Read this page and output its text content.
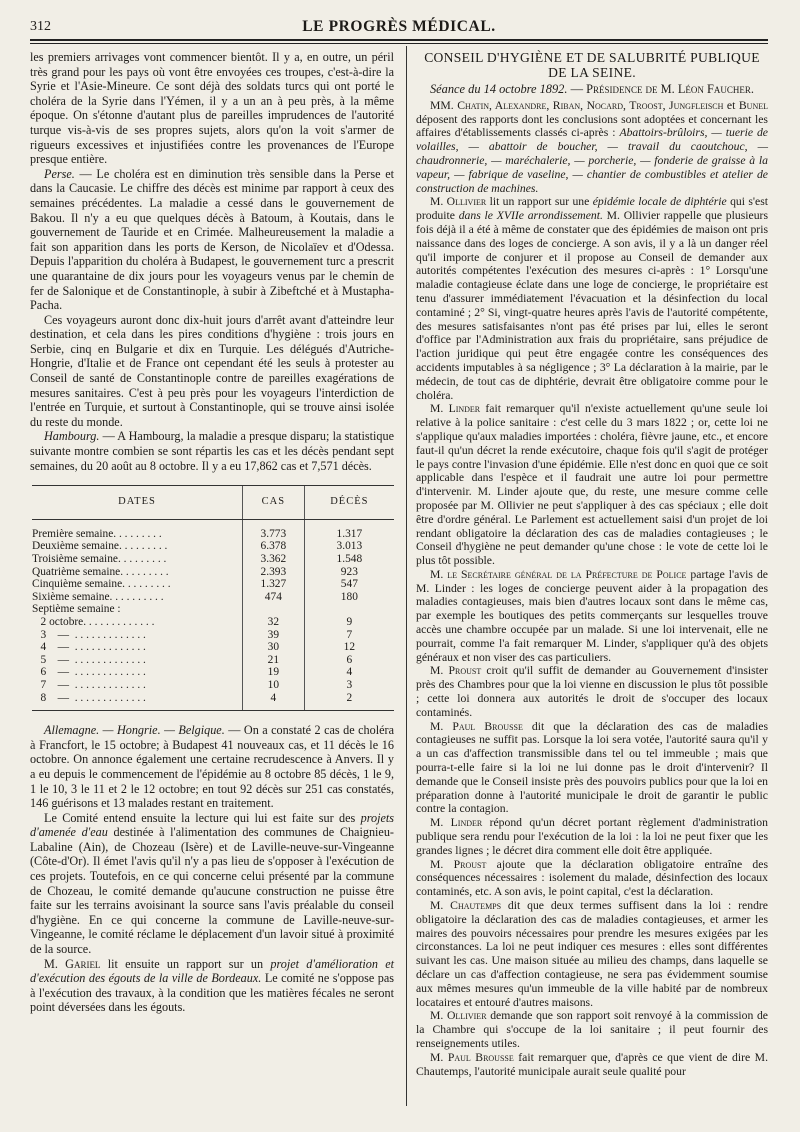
312	LE PROGRÈS MÉDICAL.

les premiers arrivages vont commencer bientôt. Il y a, en outre, un péril très grand pour les pays où vont être envoyées ces troupes, c'est-à-dire la Syrie et l'Asie-Mineure. Ce sont déjà des soldats turcs qui ont porté le choléra de la Syrie dans l'Yémen, il y a un an à peu près, à la même époque. On s'étonne d'autant plus de pareilles imprudences de l'autorité turque vis-à-vis de ses propres sujets, alors qu'on la voit s'armer de rigueurs excessives et injustifiées contre les provenances de l'Europe presque entière.

Perse. — Le choléra est en diminution très sensible dans la Perse et dans la Caucasie. Le chiffre des décès est minime par rapport à ceux des semaines précédentes. La maladie a cessé dans le gouvernement de Bakou. Il n'y a eu que quelques décès à Batoum, à Koutais, dans le gouvernement de Tauride et en Crimée. Malheureusement la maladie a fait son apparition dans les ports de Kerson, de Nicolaïev et d'Odessa. Depuis l'apparition du choléra à Budapest, le gouvernement turc a prescrit une quarantaine de dix jours pour les voyageurs venus par le chemin de fer de Salonique et de Constantinople, à subir à Zibeftché et à Mustapha-Pacha.

Ces voyageurs auront donc dix-huit jours d'arrêt avant d'atteindre leur destination, et cela dans les pires conditions d'hygiène : trois jours en Serbie, cinq en Bulgarie et dix en Turquie. Les délégués d'Autriche-Hongrie, d'Italie et de France ont cependant été les seuls à protester au Conseil de santé de Constantinople contre de pareilles exagérations de mesures sanitaires. C'est à peu près pour les voyageurs l'interdiction de l'entrée en Turquie, et surtout à Constantinople, qui se trouve ainsi isolée du reste du monde.

Hambourg. — A Hambourg, la maladie a presque disparu; la statistique suivante montre combien se sont répartis les cas et les décès pendant sept semaines, du 20 août au 8 octobre. Il y a eu 17,862 cas et 7,571 décès.

DATES	CAS	DÉCÈS
Première semaine. . . . . . . . .	3.773	1.317
Deuxième semaine. . . . . . . . .	6.378	3.013
Troisième semaine. . . . . . . . .	3.362	1.548
Quatrième semaine. . . . . . . . .	2.393	923
Cinquième semaine. . . . . . . . .	1.327	547
Sixième semaine. . . . . . . . . .	474	180
Septième semaine :		
2 octobre. . . . . . . . . . . . .	32	9
3    —  . . . . . . . . . . . . .	39	7
4    —  . . . . . . . . . . . . .	30	12
5    —  . . . . . . . . . . . . .	21	6
6    —  . . . . . . . . . . . . .	19	4
7    —  . . . . . . . . . . . . .	10	3
8    —  . . . . . . . . . . . . .	4	2

Allemagne. — Hongrie. — Belgique. — On a constaté 2 cas de choléra à Francfort, le 15 octobre; à Budapest 41 nouveaux cas, et 11 décès le 16 octobre. On annonce également une certaine recrudescence à Anvers. Il y a eu depuis le commencement de l'épidémie au 8 octobre 85 décès, 1 le 9, 1 le 10, 3 le 11 et 2 le 12 octobre; en tout 92 décès sur 251 cas constatés, 146 guérisons et 13 malades restant en traitement.

Le Comité entend ensuite la lecture qui lui est faite sur des projets d'amenée d'eau destinée à l'alimentation des communes de Chaignieu-Labaline (Ain), de Chozeau (Isère) et de Laville-neuve-sur-Vingeanne (Côte-d'Or). Il émet l'avis qu'il n'y a pas lieu de s'opposer à l'exécution de ces projets. Toutefois, en ce qui concerne celui présenté par la commune de Chozeau, le comité demande qu'aucune construction ne puisse être faite sur les terrains avoisinant la source sans l'avis préalable du conseil d'hygiène. En ce qui concerne la commune de Laville-neuve-sur-Vingeanne, le comité réclame le déplacement d'un lavoir situé à proximité de la source.

M. Gariel lit ensuite un rapport sur un projet d'amélioration et d'exécution des égouts de la ville de Bordeaux. Le comité ne s'oppose pas à l'exécution des travaux, à la condition que les matières fécales ne seront point déversées dans les égouts.

CONSEIL D'HYGIÈNE ET DE SALUBRITÉ PUBLIQUE DE LA SEINE.

Séance du 14 octobre 1892. — Présidence de M. Léon Faucher.

MM. Chatin, Alexandre, Riban, Nocard, Troost, Jungfleisch et Bunel déposent des rapports dont les conclusions sont adoptées et concernant les affaires d'établissements classés ci-après : Abattoirs-brûloirs, — tuerie de volailles, — abattoir de boucher, — travail du caoutchouc, — chaudronnerie, — maréchalerie, — porcherie, — fonderie de graisse à la vapeur, — fabrique de vaseline, — chantier de combustibles et atelier de construction de machines.

M. Ollivier lit un rapport sur une épidémie locale de diphtérie qui s'est produite dans le XVIIe arrondissement. M. Ollivier rappelle que plusieurs fois déjà il a été à même de constater que des épidémies de maison ont pris naissance dans des loges de concierge. A son avis, il y a là un danger réel qu'il importe de conjurer et il propose au Conseil de demander aux autorités compétentes l'exécution des mesures ci-après : 1° Lorsqu'une maladie contagieuse éclate dans une loge de concierge, le propriétaire est tenu d'assurer immédiatement l'évacuation et la désinfection du local contaminé ; 2° Si, vingt-quatre heures après l'avis de l'autorité compétente, des mesures satisfaisantes n'ont pas été prises par lui, elles le seront d'office par l'Administration aux frais du propriétaire, sans préjudice de l'action juridique qui peut être engagée contre les conséquences des accidents imputables à sa négligence ; 3° La déclaration à la mairie, par le médecin, de tout cas de diphtérie, devrait être obligatoire comme pour le choléra.

M. Linder fait remarquer qu'il n'existe actuellement qu'une seule loi relative à la police sanitaire : c'est celle du 3 mars 1822 ; or, cette loi ne s'applique qu'aux maladies importées : choléra, fièvre jaune, etc., et encore faut-il qu'un décret la rende exécutoire, chaque fois qu'il s'agit de protéger le pays contre l'invasion d'une épidémie. Elle n'est donc en quoi que ce soit applicable dans l'espèce et il faudrait une autre loi pour permettre d'intervenir. M. Linder ajoute que, du reste, une mesure comme celle proposée par M. Ollivier ne peut s'appliquer à des cas spéciaux ; elle doit être d'ordre général. Le Parlement est actuellement saisi d'un projet de loi rendant obligatoire la déclaration des cas de maladies contagieuses ; le Conseil d'hygiène ne peut demander qu'une chose : le vote de cette loi le plus tôt possible.

M. le Secrétaire général de la Préfecture de Police partage l'avis de M. Linder : les loges de concierge peuvent aider à la propagation des maladies contagieuses, mais bien d'autres locaux sont dans le même cas, par exemple les boutiques des petits commerçants sur lesquelles trouve accès une chambre occupée par un malade. Si une loi intervenait, elle ne pourrait, comme l'a fait remarquer M. Linder, s'appliquer qu'à des objets généraux et non viser des cas particuliers.

M. Proust croit qu'il suffit de demander au Gouvernement d'insister près des Chambres pour que la loi vienne en discussion le plus tôt possible ; cette loi donnera aux autorités le droit de s'occuper des locaux contaminés.

M. Paul Brousse dit que la déclaration des cas de maladies contagieuses ne suffit pas. Lorsque la loi sera votée, l'autorité saura qu'il y a un cas d'affection transmissible dans tel ou tel immeuble ; mais que pourra-t-elle faire si la loi ne lui donne pas le droit d'intervenir? Il demande que le Conseil insiste près des pouvoirs publics pour que la loi en préparation donne à l'autorité municipale le droit de garantir le public contre la contagion.

M. Linder répond qu'un décret portant règlement d'administration publique sera rendu pour l'exécution de la loi : la loi ne peut fixer que les grandes lignes ; le décret dira comment elle doit être appliquée.

M. Proust ajoute que la déclaration obligatoire entraîne des conséquences nécessaires : isolement du malade, désinfection des locaux contaminés, etc. A son avis, le point capital, c'est la déclaration.

M. Chautemps dit que deux termes suffisent dans la loi : rendre obligatoire la déclaration des cas de maladies contagieuses, et armer les maires des pouvoirs nécessaires pour prendre les mesures exigées par les circonstances. La loi ne peut indiquer ces mesures : elles sont différentes suivant les cas. Une maison située au milieu des champs, dans laquelle se déclare un cas d'affection contagieuse, ne sera pas évidemment soumise aux mêmes mesures qu'un immeuble de la ville habité par de nombreux locataires et entouré d'autres maisons.

M. Ollivier demande que son rapport soit renvoyé à la commission de la Chambre qui s'occupe de la loi sanitaire ; il peut fournir des renseignements utiles.

M. Paul Brousse fait remarquer que, d'après ce que vient de dire M. Chautemps, l'autorité municipale aurait seule qualité pour
